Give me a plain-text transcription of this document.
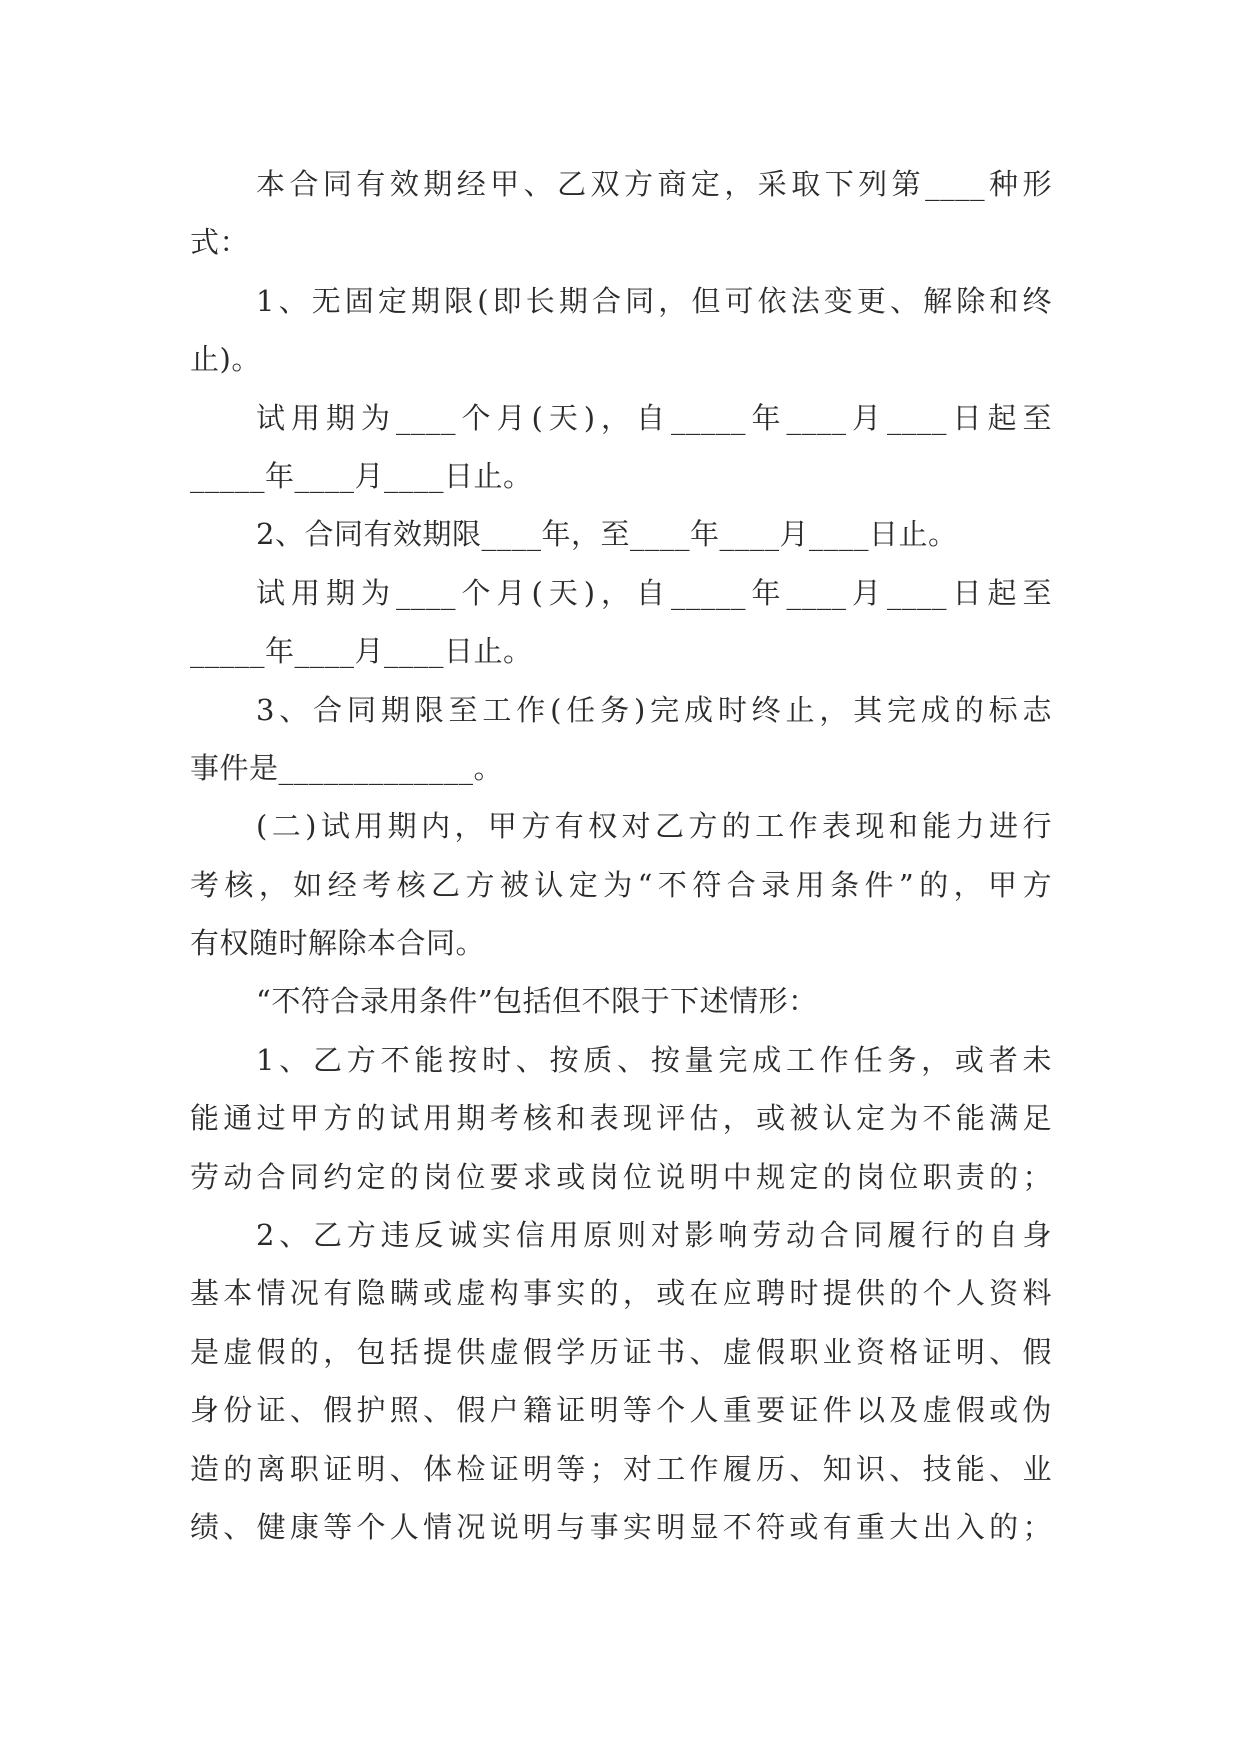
本合同有效期经甲、乙双方商定，采取下列第____种形
式：
1、无固定期限(即长期合同，但可依法变更、解除和终
止)。
试用期为____个月(天)，自_____年____月____日起至
_____年____月____日止。
2、合同有效期限____年，至____年____月____日止。
试用期为____个月(天)，自_____年____月____日起至
_____年____月____日止。
3、合同期限至工作(任务)完成时终止，其完成的标志
事件是_____________。
(二)试用期内，甲方有权对乙方的工作表现和能力进行
考核，如经考核乙方被认定为“不符合录用条件”的，甲方
有权随时解除本合同。
“不符合录用条件”包括但不限于下述情形：
1、乙方不能按时、按质、按量完成工作任务，或者未
能通过甲方的试用期考核和表现评估，或被认定为不能满足
劳动合同约定的岗位要求或岗位说明中规定的岗位职责的；
2、乙方违反诚实信用原则对影响劳动合同履行的自身
基本情况有隐瞒或虚构事实的，或在应聘时提供的个人资料
是虚假的，包括提供虚假学历证书、虚假职业资格证明、假
身份证、假护照、假户籍证明等个人重要证件以及虚假或伪
造的离职证明、体检证明等；对工作履历、知识、技能、业
绩、健康等个人情况说明与事实明显不符或有重大出入的；
